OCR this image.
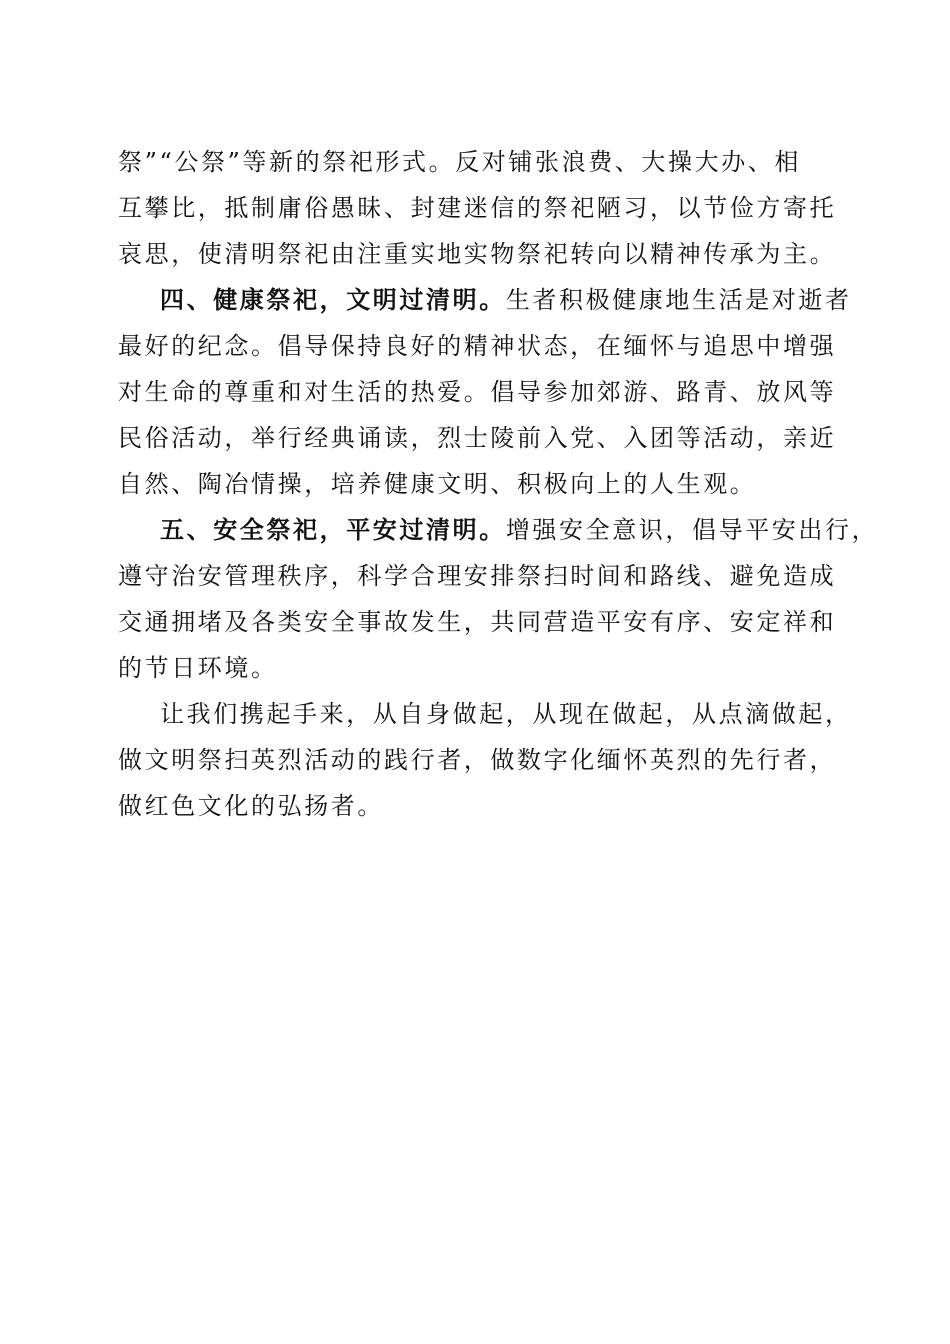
祭”“公祭”等新的祭祀形式。反对铺张浪费、大操大办、相
互攀比，抵制庸俗愚昧、封建迷信的祭祀陋习，以节俭方寄托
哀思，使清明祭祀由注重实地实物祭祀转向以精神传承为主。
四、健康祭祀，文明过清明。生者积极健康地生活是对逝者
最好的纪念。倡导保持良好的精神状态，在缅怀与追思中增强
对生命的尊重和对生活的热爱。倡导参加郊游、路青、放风等
民俗活动，举行经典诵读，烈士陵前入党、入团等活动，亲近
自然、陶冶情操，培养健康文明、积极向上的人生观。
五、安全祭祀，平安过清明。增强安全意识，倡导平安出行，
遵守治安管理秩序，科学合理安排祭扫时间和路线、避免造成
交通拥堵及各类安全事故发生，共同营造平安有序、安定祥和
的节日环境。
让我们携起手来，从自身做起，从现在做起，从点滴做起，
做文明祭扫英烈活动的践行者，做数字化缅怀英烈的先行者，
做红色文化的弘扬者。
